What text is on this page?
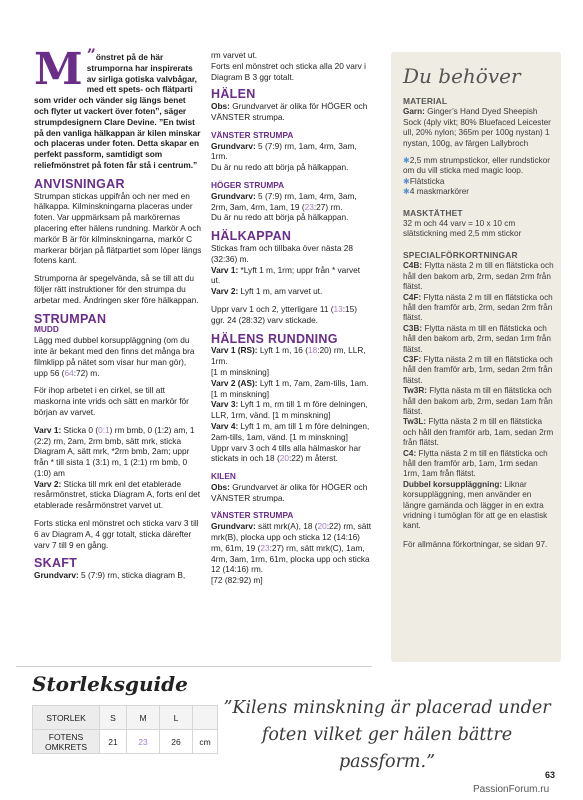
”
M önstret på de här strumporna har inspirerats av sirliga gotiska valvbågar, med ett spets- och flätparti som vrider och vänder sig längs benet och flyter ut vackert över foten”, säger strumpdesignern Clare Devine. ”En twist på den vanliga hälkappan är kilen minskar och placeras under foten. Detta skapar en perfekt passform, samtidigt som reliefmönstret på foten får stå i centrum.”
ANVISNINGAR

Strumpan stickas uppifrån och ner med en hälkappa. Kilminskningarna placeras under foten. Var uppmärksam på markörernas placering efter hälens rundning. Markör A och markör B är för kilminskningarna, markör C markerar början på flätpartiet som löper längs fotens kant.

Strumporna är spegelvända, så se till att du följer rätt instruktioner för den strumpa du arbetar med. Ändringen sker före hälkappan.

STRUMPAN
MUDD

Lägg med dubbel korsuppläggning (om du inte är bekant med den finns det många bra filmklipp på nätet som visar hur man gör), upp 56 (64:72) m.

För ihop arbetet i en cirkel, se till att maskorna inte vrids och sätt en markör för början av varvet.

Varv 1: Sticka 0 (0:1) rm bmb, 0 (1:2) am, 1 (2:2) rm, 2am, 2rm bmb, sätt mrk, sticka Diagram A, sätt mrk, *2rm bmb, 2am; uppr från * till sista 1 (3:1) m, 1 (2:1) rm bmb, 0 (1:0) am

Varv 2: Sticka till mrk enl det etablerade resårmönstret, sticka Diagram A, forts enl det etablerade resårmönstret varvet ut.

Forts sticka enl mönstret och sticka varv 3 till 6 av Diagram A, 4 ggr totalt, sticka därefter varv 7 till 9 en gång.

SKAFT

Grundvarv: 5 (7:9) rm, sticka diagram B,

rm varvet ut.

Forts enl mönstret och sticka alla 20 varv i Diagram B 3 ggr totalt.

HÄLEN

Obs: Grundvarvet är olika för HÖGER och VÄNSTER strumpa.

VÄNSTER STRUMPA

Grundvarv: 5 (7:9) rm, 1am, 4rm, 3am, 1rm.

Du är nu redo att börja på hälkappan.

HÖGER STRUMPA

Grundvarv: 5 (7:9) rm, 1am, 4rm, 3am, 2rm, 3am, 4rm, 1am, 19 (23:27) rm.

Du är nu redo att börja på hälkappan.

HÄLKAPPAN

Stickas fram och tillbaka över nästa 28 (32:36) m.

Varv 1: *Lyft 1 m, 1rm; uppr från * varvet ut.

Varv 2: Lyft 1 m, am varvet ut.

Uppr varv 1 och 2, ytterligare 11 (13:15) ggr. 24 (28:32) varv stickade.

HÄLENS RUNDNING

Varv 1 (RS): Lyft 1 m, 16 (18:20) rm, LLR, 1rm.

[1 m minskning]

Varv 2 (AS): Lyft 1 m, 7am, 2am-tills, 1am.

[1 m minskning]

Varv 3: Lyft 1 m, rm till 1 m före delningen, LLR, 1rm, vänd. [1 m minskning]

Varv 4: Lyft 1 m, am till 1 m före delningen, 2am-tills, 1am, vänd. [1 m minskning]

Uppr varv 3 och 4 tills alla hälmaskor har stickats in och 18 (20:22) m återst.

KILEN

Obs: Grundvarvet är olika för HÖGER och VÄNSTER strumpa.

VÄNSTER STRUMPA

Grundvarv: sätt mrk(A), 18 (20:22) rm, sätt mrk(B), plocka upp och sticka 12 (14:16) rm, 61m, 19 (23:27) rm, sätt mrk(C), 1am, 4rm, 3am, 1rm, 61m, plocka upp och sticka 12 (14:16) rm.

[72 (82:92) m]

Du behöver
MATERIAL
Garn: Ginger’s Hand Dyed Sheepish Sock (4ply vikt; 80% Bluefaced Leicester ull, 20% nylon; 365m per 100g nystan) 1 nystan, 100g, av färgen Lallybroch
✱2,5 mm strumpstickor, eller rundstickor om du vill sticka med magic loop.
✱Flätsticka
✱4 maskmarkörer
MASKTÄTHET
32 m och 44 varv = 10 x 10 cm slätstickning med 2,5 mm stickor
SPECIALFÖRKORTNINGAR
C4B: Flytta nästa 2 m till en flätsticka och håll den bakom arb, 2rm, sedan 2rm från flätst.
C4F: Flytta nästa 2 m till en flätsticka och håll den framför arb, 2rm, sedan 2rm från flätst.
C3B: Flytta nästa m till en flätsticka och håll den bakom arb, 2rm, sedan 1rm från flätst.
C3F: Flytta nästa 2 m till en flätsticka och håll den framför arb, 1rm, sedan 2rm från flätst.
Tw3R: Flytta nästa m till en flätsticka och håll den bakom arb, 2rm, sedan 1am från flätst.
Tw3L: Flytta nästa 2 m till en flätsticka och håll den framför arb, 1am, sedan 2rm från flätst.
C4: Flytta nästa 2 m till en flätsticka och håll den framför arb, 1am, 1rm sedan 1rm, 1am från flätst.
Dubbel korsuppläggning: Liknar korsuppläggning, men använder en längre garnända och lägger in en extra vridning i tumöglan för att ge en elastisk kant.
För allmänna förkortningar, se sidan 97.
Storleksguide
STORLEK	S	M	L	
FOTENS OMKRETS	21	23	26	cm
”Kilens minskning är placerad under foten vilket ger hälen bättre passform.”
63
PassionForum.ru
